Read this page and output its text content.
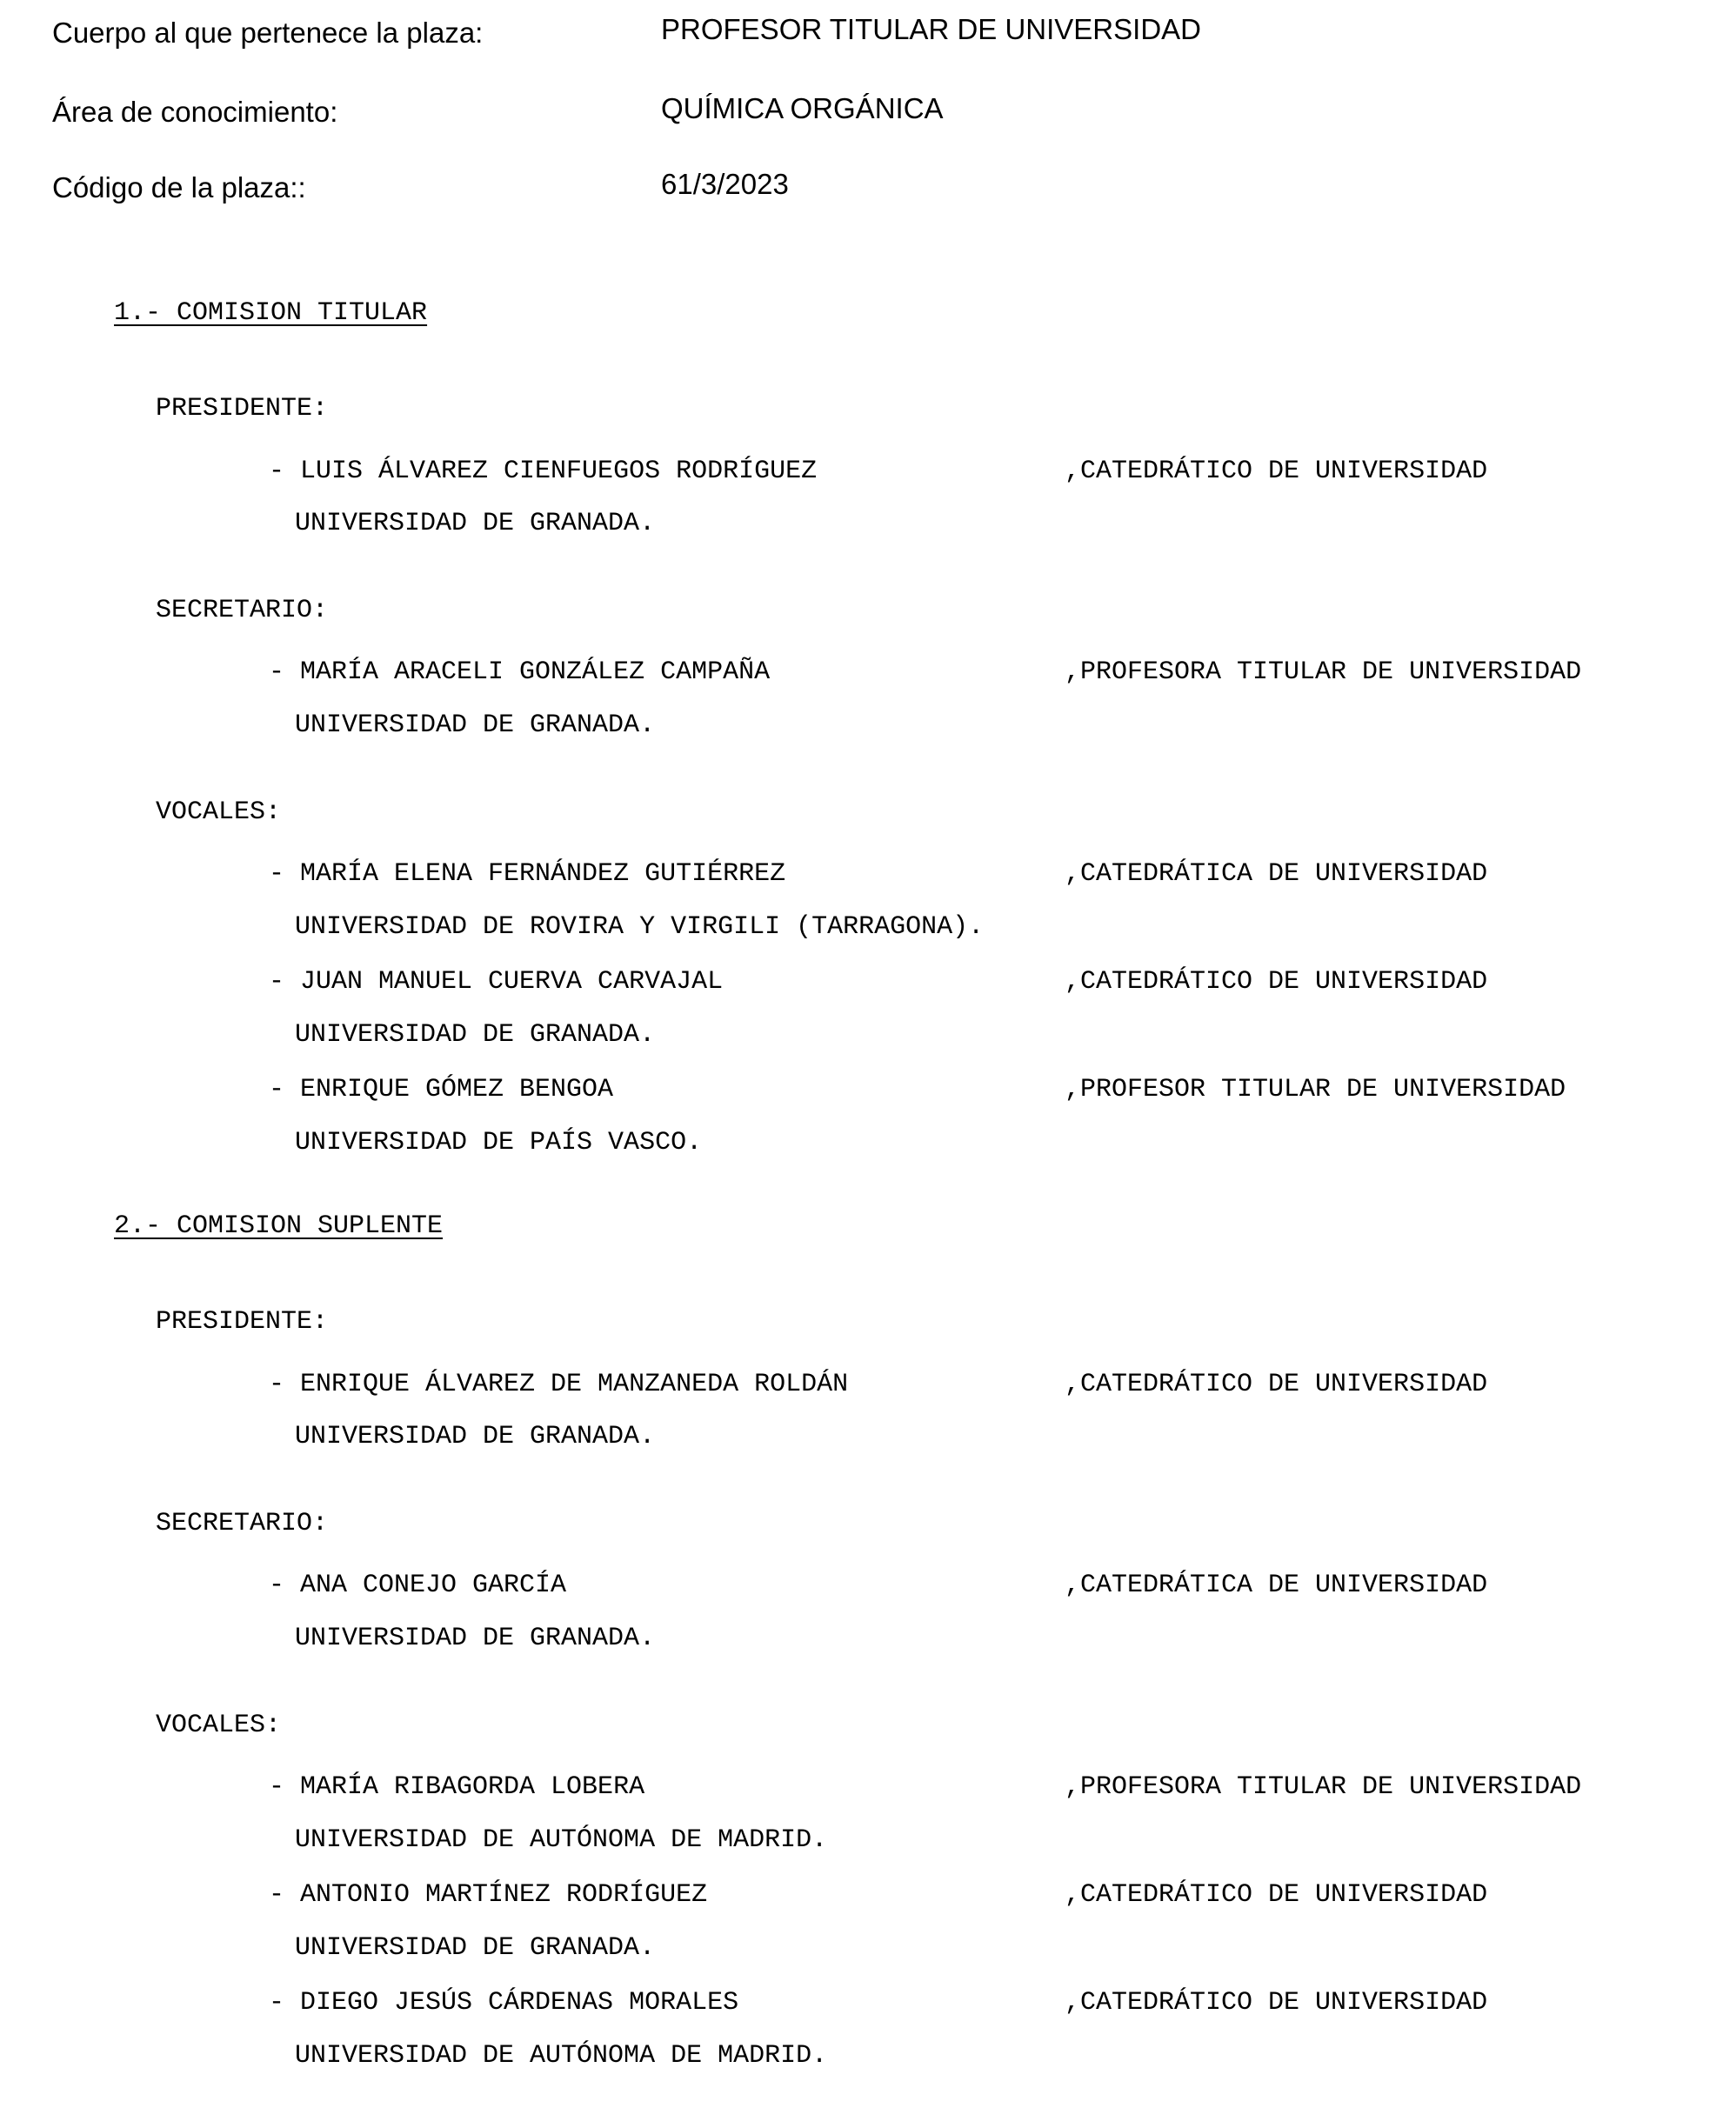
Cuerpo al que pertenece la plaza:	PROFESOR TITULAR DE UNIVERSIDAD
Área de conocimiento:	QUÍMICA ORGÁNICA
Código de la plaza::	61/3/2023
1.- COMISION TITULAR
PRESIDENTE:
- LUIS ÁLVAREZ CIENFUEGOS RODRÍGUEZ	,CATEDRÁTICO DE UNIVERSIDAD
UNIVERSIDAD DE GRANADA.
SECRETARIO:
- MARÍA ARACELI GONZÁLEZ CAMPAÑA	,PROFESORA TITULAR DE UNIVERSIDAD
UNIVERSIDAD DE GRANADA.
VOCALES:
- MARÍA ELENA FERNÁNDEZ GUTIÉRREZ	,CATEDRÁTICA DE UNIVERSIDAD
UNIVERSIDAD DE ROVIRA Y VIRGILI (TARRAGONA).
- JUAN MANUEL CUERVA CARVAJAL	,CATEDRÁTICO DE UNIVERSIDAD
UNIVERSIDAD DE GRANADA.
- ENRIQUE GÓMEZ BENGOA	,PROFESOR TITULAR DE UNIVERSIDAD
UNIVERSIDAD DE PAÍS VASCO.
2.- COMISION SUPLENTE
PRESIDENTE:
- ENRIQUE ÁLVAREZ DE MANZANEDA ROLDÁN	,CATEDRÁTICO DE UNIVERSIDAD
UNIVERSIDAD DE GRANADA.
SECRETARIO:
- ANA CONEJO GARCÍA	,CATEDRÁTICA DE UNIVERSIDAD
UNIVERSIDAD DE GRANADA.
VOCALES:
- MARÍA RIBAGORDA LOBERA	,PROFESORA TITULAR DE UNIVERSIDAD
UNIVERSIDAD DE AUTÓNOMA DE MADRID.
- ANTONIO MARTÍNEZ RODRÍGUEZ	,CATEDRÁTICO DE UNIVERSIDAD
UNIVERSIDAD DE GRANADA.
- DIEGO JESÚS CÁRDENAS MORALES	,CATEDRÁTICO DE UNIVERSIDAD
UNIVERSIDAD DE AUTÓNOMA DE MADRID.
